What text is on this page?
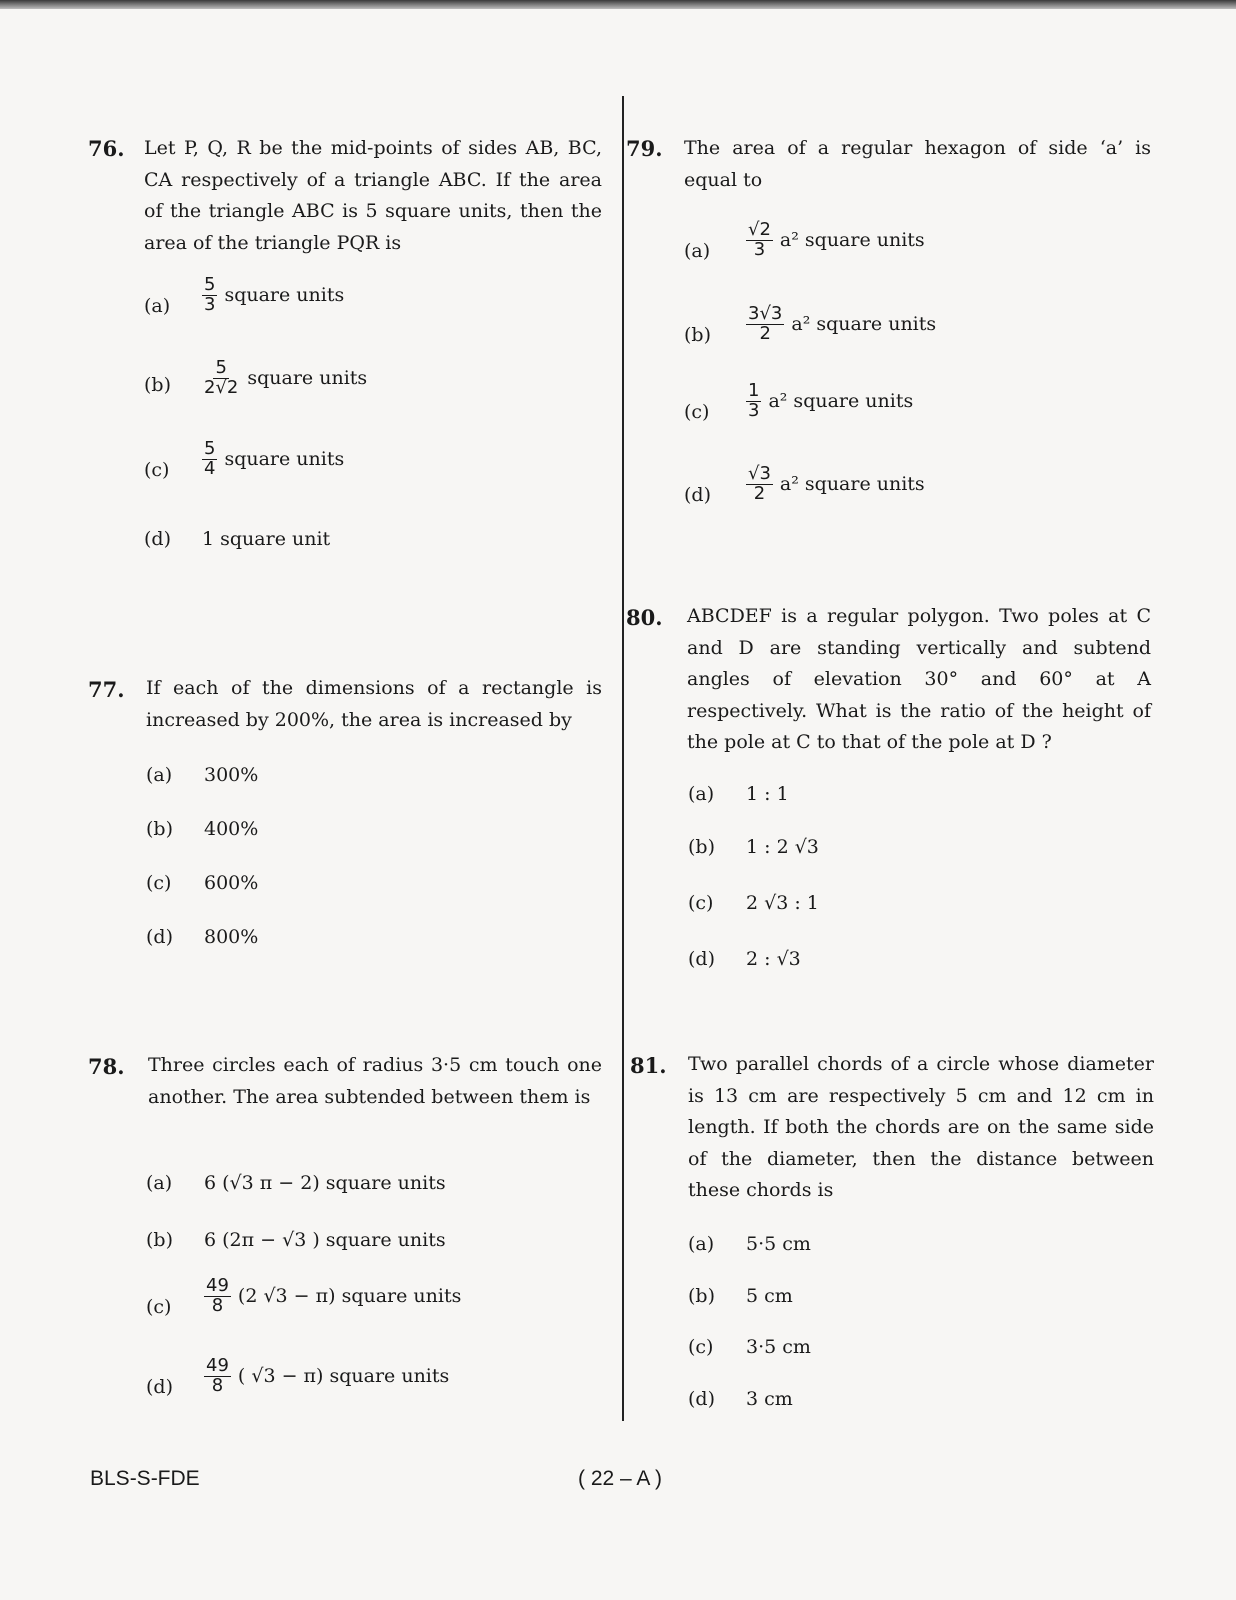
76. Let P, Q, R be the mid-points of sides AB, BC, CA respectively of a triangle ABC. If the area of the triangle ABC is 5 square units, then the area of the triangle PQR is
$(a) \frac{5}{3}$ square units
$(b) \frac{5}{2√2}$ square units
$(c) \frac{5}{4}$ square units
(d) 1 square unit
77. If each of the dimensions of a rectangle is increased by 200%, the area is increased by
(a) 300%
(b) 400%
(c) 600%
(d) 800%
78. Three circles each of radius 3·5 cm touch one another. The area subtended between them is
(a) 6 (√3 π − 2) square units
(b) 6 (2π − √3 ) square units
$(c) \frac{49}{8} (2$ √3 − π) square units
$(d) \frac{49}{8}$ ( √3 − π) square units
79. The area of a regular hexagon of side ‘a’ is equal to
$(a) \frac{√2}{3} a^2$ square units
$(b) \frac{3√3}{2} a^2$ square units
$(c) \frac{1}{3} a^2$ square units
$(d) \frac{√3}{2} a^2$ square units
80. ABCDEF is a regular polygon. Two poles at C and D are standing vertically and subtend angles of elevation 30° and 60° at A respectively. What is the ratio of the height of the pole at C to that of the pole at D ?
(a) 1 : 1
(b) 1 : 2 √3
(c) 2 √3 : 1
(d) 2 : √3
81. Two parallel chords of a circle whose diameter is 13 cm are respectively 5 cm and 12 cm in length. If both the chords are on the same side of the diameter, then the distance between these chords is
(a) 5·5 cm
(b) 5 cm
(c) 3·5 cm
(d) 3 cm
BLS-S-FDE	( 22 – A )
